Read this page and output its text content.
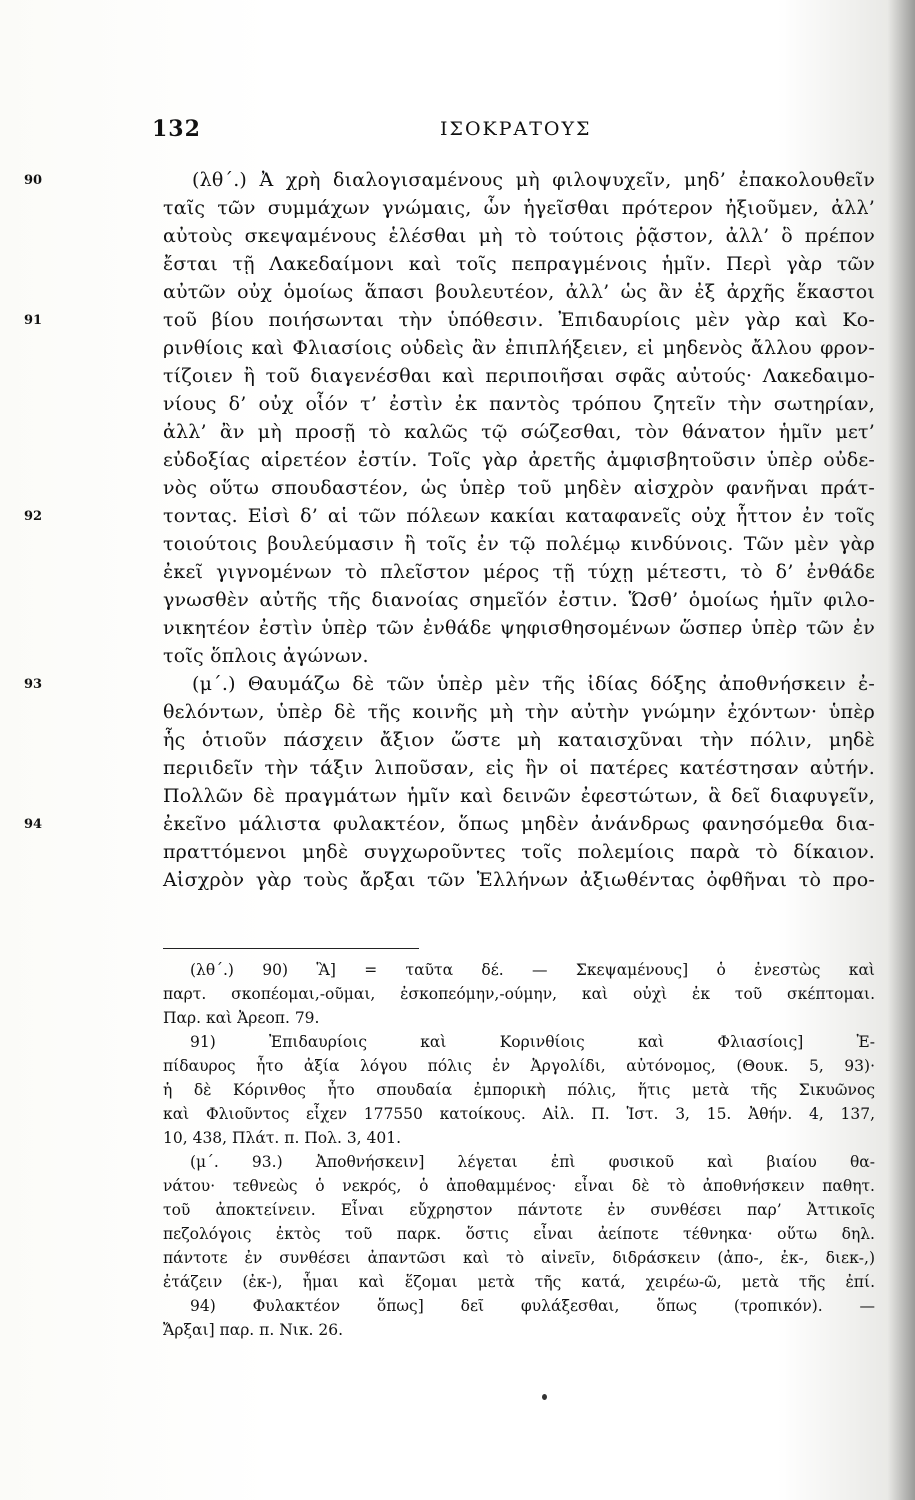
132	ΙΣΟΚΡΑΤΟΥΣ
90	(λθ΄.) Ἀ χρὴ διαλογισαμένους μὴ φιλοψυχεῖν, μηδ’ ἐπακολουθεῖν
ταῖς τῶν συμμάχων γνώμαις, ὧν ἡγεῖσθαι πρότερον ἠξιοῦμεν, ἀλλ’
αὐτοὺς σκεψαμένους ἑλέσθαι μὴ τὸ τούτοις ῥᾷστον, ἀλλ’ ὃ πρέπον
ἔσται τῇ Λακεδαίμονι καὶ τοῖς πεπραγμένοις ἡμῖν. Περὶ γὰρ τῶν
αὐτῶν οὐχ ὁμοίως ἅπασι βουλευτέον, ἀλλ’ ὡς ἂν ἐξ ἀρχῆς ἕκαστοι
91	τοῦ βίου ποιήσωνται τὴν ὑπόθεσιν. Ἐπιδαυρίοις μὲν γὰρ καὶ Κο-
ρινθίοις καὶ Φλιασίοις οὐδεὶς ἂν ἐπιπλήξειεν, εἰ μηδενὸς ἄλλου φρον-
τίζοιεν ἢ τοῦ διαγενέσθαι καὶ περιποιῆσαι σφᾶς αὐτούς· Λακεδαιμο-
νίους δ’ οὐχ οἷόν τ’ ἐστὶν ἐκ παντὸς τρόπου ζητεῖν τὴν σωτηρίαν,
ἀλλ’ ἂν μὴ προσῇ τὸ καλῶς τῷ σώζεσθαι, τὸν θάνατον ἡμῖν μετ’
εὐδοξίας αἱρετέον ἐστίν. Τοῖς γὰρ ἀρετῆς ἀμφισβητοῦσιν ὑπὲρ οὐδε-
νὸς οὕτω σπουδαστέον, ὡς ὑπὲρ τοῦ μηδὲν αἰσχρὸν φανῆναι πράτ-
92	τοντας. Εἰσὶ δ’ αἱ τῶν πόλεων κακίαι καταφανεῖς οὐχ ἧττον ἐν τοῖς
τοιούτοις βουλεύμασιν ἢ τοῖς ἐν τῷ πολέμῳ κινδύνοις. Τῶν μὲν γὰρ
ἐκεῖ γιγνομένων τὸ πλεῖστον μέρος τῇ τύχῃ μέτεστι, τὸ δ’ ἐνθάδε
γνωσθὲν αὐτῆς τῆς διανοίας σημεῖόν ἐστιν. Ὥσθ’ ὁμοίως ἡμῖν φιλο-
νικητέον ἐστὶν ὑπὲρ τῶν ἐνθάδε ψηφισθησομένων ὥσπερ ὑπὲρ τῶν ἐν
τοῖς ὅπλοις ἀγώνων.
93	(μ΄.) Θαυμάζω δὲ τῶν ὑπὲρ μὲν τῆς ἰδίας δόξης ἀποθνήσκειν ἐ-
θελόντων, ὑπὲρ δὲ τῆς κοινῆς μὴ τὴν αὐτὴν γνώμην ἐχόντων· ὑπὲρ
ἧς ὁτιοῦν πάσχειν ἄξιον ὥστε μὴ καταισχῦναι τὴν πόλιν, μηδὲ
περιιδεῖν τὴν τάξιν λιποῦσαν, εἰς ἣν οἱ πατέρες κατέστησαν αὐτήν.
Πολλῶν δὲ πραγμάτων ἡμῖν καὶ δεινῶν ἐφεστώτων, ἃ δεῖ διαφυγεῖν,
94	ἐκεῖνο μάλιστα φυλακτέον, ὅπως μηδὲν ἀνάνδρως φανησόμεθα δια-
πραττόμενοι μηδὲ συγχωροῦντες τοῖς πολεμίοις παρὰ τὸ δίκαιον.
Αἰσχρὸν γὰρ τοὺς ἄρξαι τῶν Ἑλλήνων ἀξιωθέντας ὀφθῆναι τὸ προ-
(λθ΄.) 90) Ἃ] = ταῦτα δέ. — Σκεψαμένους] ὁ ἐνεστὼς καὶ
παρτ. σκοπέομαι,-οῦμαι, ἐσκοπεόμην,-ούμην, καὶ οὐχὶ ἐκ τοῦ σκέπτομαι.
Παρ. καὶ Ἀρεοπ. 79.
91) Ἐπιδαυρίοις καὶ Κορινθίοις καὶ Φλιασίοις] Ἐ-
πίδαυρος ἦτο ἀξία λόγου πόλις ἐν Ἀργολίδι, αὐτόνομος, (Θουκ. 5, 93)·
ἡ δὲ Κόρινθος ἦτο σπουδαία ἐμπορικὴ πόλις, ἥτις μετὰ τῆς Σικυῶνος
καὶ Φλιοῦντος εἶχεν 177550 κατοίκους. Αἰλ. Π. Ἱστ. 3, 15. Ἀθήν. 4, 137,
10, 438, Πλάτ. π. Πολ. 3, 401.
(μ΄. 93.) Ἀποθνήσκειν] λέγεται ἐπὶ φυσικοῦ καὶ βιαίου θα-
νάτου· τεθνεὼς ὁ νεκρός, ὁ ἀποθαμμένος· εἶναι δὲ τὸ ἀποθνήσκειν παθητ.
τοῦ ἀποκτείνειν. Εἶναι εὔχρηστον πάντοτε ἐν συνθέσει παρ’ Ἀττικοῖς
πεζολόγοις ἐκτὸς τοῦ παρκ. ὅστις εἶναι ἀείποτε τέθνηκα· οὕτω δηλ.
πάντοτε ἐν συνθέσει ἀπαντῶσι καὶ τὸ αἰνεῖν, διδράσκειν (ἀπο-, ἐκ-, διεκ-,)
ἐτάζειν (ἐκ-), ἧμαι καὶ ἕζομαι μετὰ τῆς κατά, χειρέω-ῶ, μετὰ τῆς ἐπί.
94) Φυλακτέον ὅπως] δεῖ φυλάξεσθαι, ὅπως (τροπικόν). —
Ἄρξαι] παρ. π. Νικ. 26.
